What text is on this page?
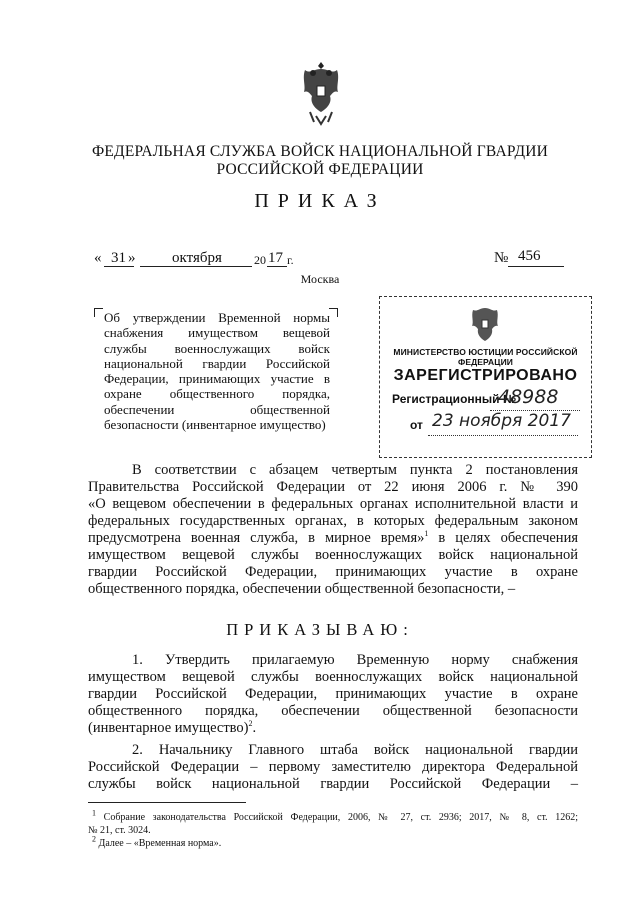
ФЕДЕРАЛЬНАЯ СЛУЖБА ВОЙСК НАЦИОНАЛЬНОЙ ГВАРДИИ
РОССИЙСКОЙ ФЕДЕРАЦИИ
ПРИКАЗ
« 31 » октября	20 17 г.	№ 456
Москва
Об утверждении Временной нормы
снабжения имуществом вещевой
службы военнослужащих войск
национальной гвардии Российской
Федерации, принимающих участие в
охране общественного порядка,
обеспечении общественной
безопасности (инвентарное имущество)
МИНИСТЕРСТВО ЮСТИЦИИ РОССИЙСКОЙ ФЕДЕРАЦИИ
ЗАРЕГИСТРИРОВАНО
Регистрационный №
48988
от 23 ноября 2017
В соответствии с абзацем четвертым пункта 2 постановления
Правительства Российской Федерации от 22 июня 2006 г. № 390
«О вещевом обеспечении в федеральных органах исполнительной власти и
федеральных государственных органах, в которых федеральным законом
предусмотрена военная служба, в мирное время»$^1$ в целях обеспечения
имуществом вещевой службы военнослужащих войск национальной
гвардии Российской Федерации, принимающих участие в охране
общественного порядка, обеспечении общественной безопасности, –
ПРИКАЗЫВАЮ:
1. Утвердить прилагаемую Временную норму снабжения
имуществом вещевой службы военнослужащих войск национальной
гвардии Российской Федерации, принимающих участие в охране
общественного порядка, обеспечении общественной безопасности
(инвентарное имущество)$^2$.
2. Начальнику Главного штаба войск национальной гвардии
Российской Федерации – первому заместителю директора Федеральной
службы войск национальной гвардии Российской Федерации –
$^1$ Собрание законодательства Российской Федерации, 2006, № 27, ст. 2936; 2017, № 8, ст. 1262;
№ 21, ст. 3024.
$^2$ Далее – «Временная норма».
